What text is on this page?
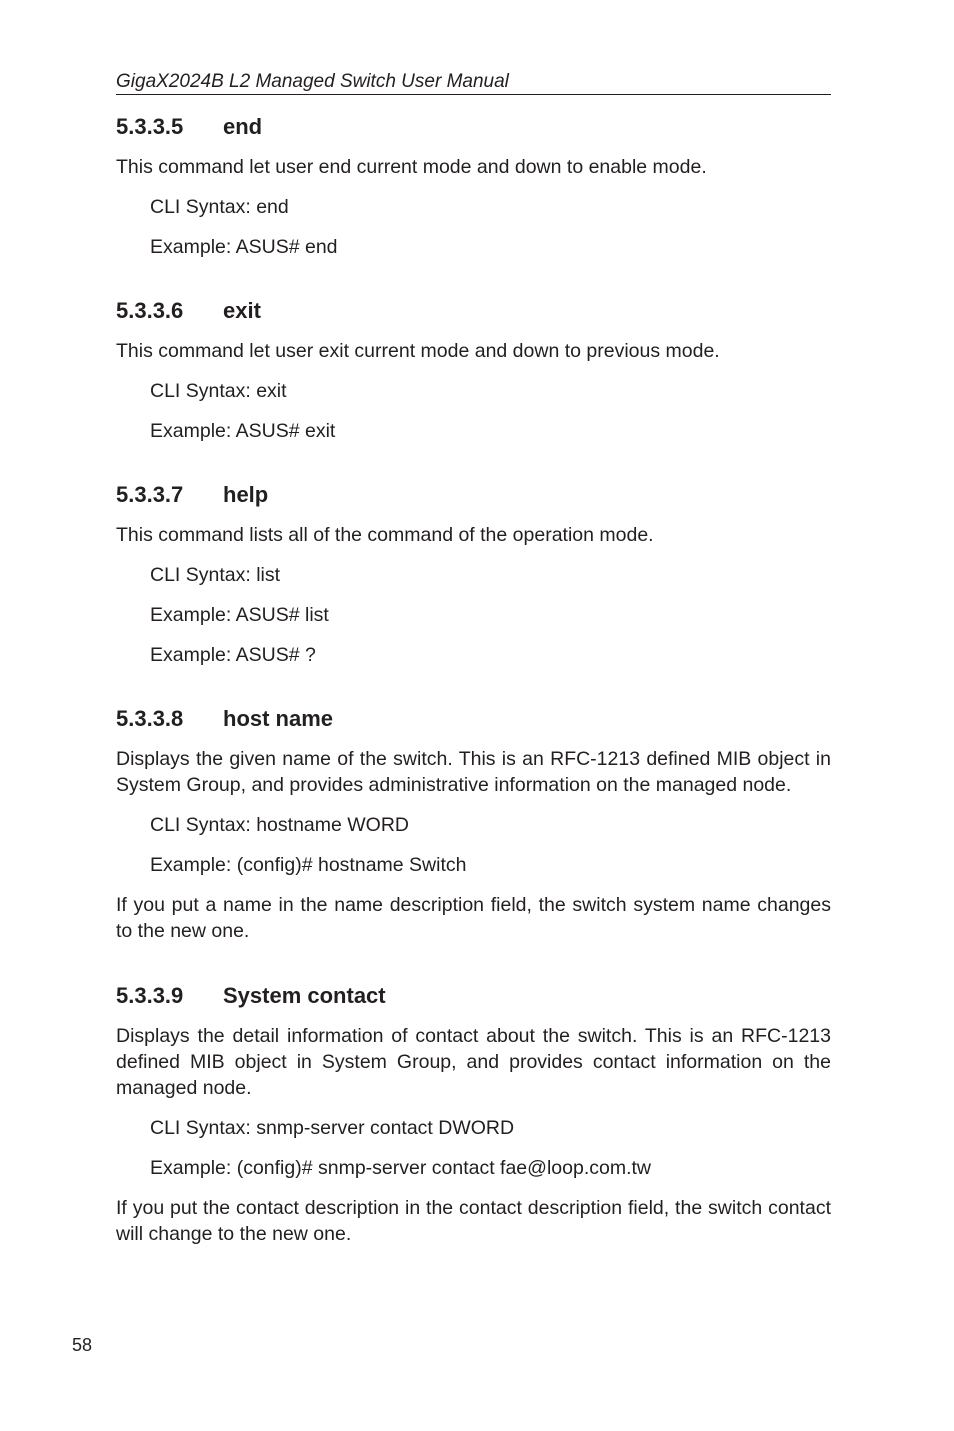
GigaX2024B L2 Managed Switch User Manual
5.3.3.5 end

This command let user end current mode and down to enable mode.

CLI Syntax: end

Example: ASUS# end

5.3.3.6 exit

This command let user exit current mode and down to previous mode.

CLI Syntax: exit

Example: ASUS# exit

5.3.3.7 help

This command lists all of the command of the operation mode.

CLI Syntax: list

Example: ASUS# list

Example: ASUS# ?

5.3.3.8 host name

Displays the given name of the switch. This is an RFC-1213 defined MIB object in System Group, and provides administrative information on the managed node.

CLI Syntax: hostname WORD

Example: (config)# hostname Switch

If you put a name in the name description field, the switch system name changes to the new one.

5.3.3.9 System contact

Displays the detail information of contact about the switch. This is an RFC-1213 defined MIB object in System Group, and provides contact information on the managed node.

CLI Syntax: snmp-server contact DWORD

Example: (config)# snmp-server contact fae@loop.com.tw

If you put the contact description in the contact description field, the switch contact will change to the new one.

58
